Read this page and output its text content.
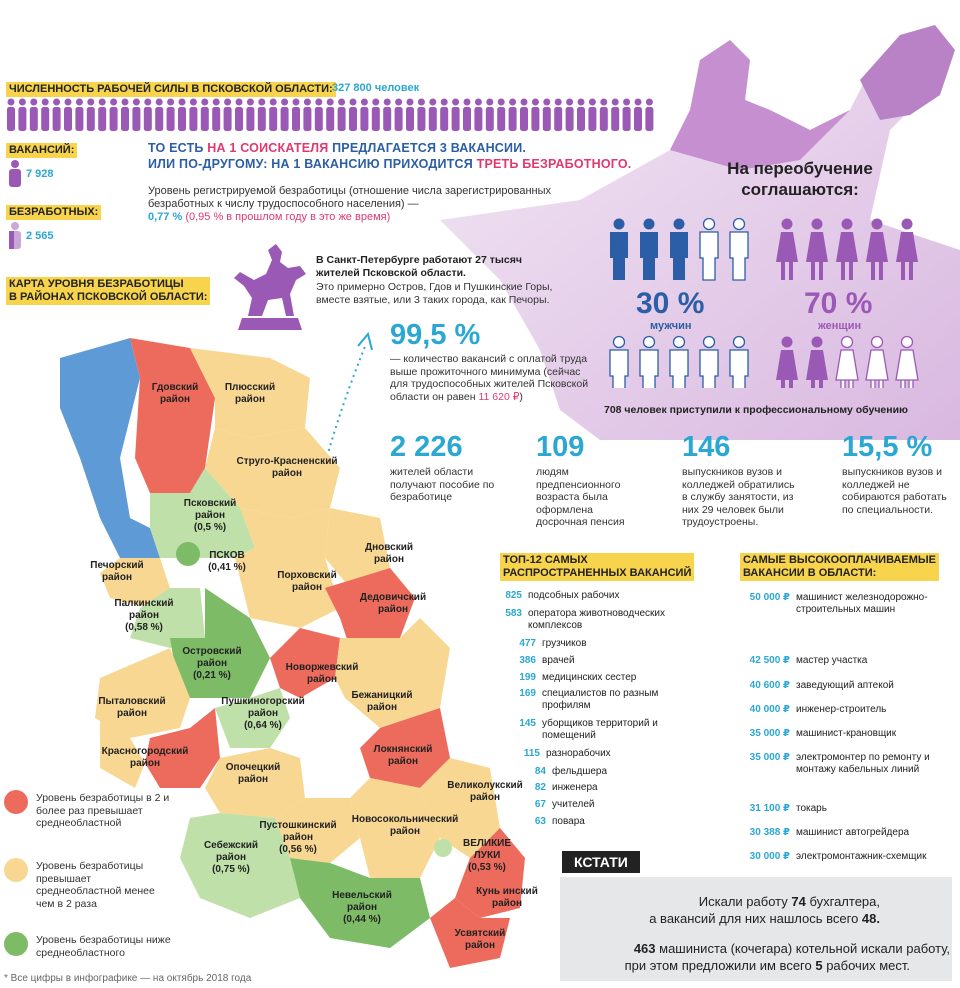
ЧИСЛЕННОСТЬ РАБОЧЕЙ СИЛЫ В ПСКОВСКОЙ ОБЛАСТИ: 327 800 человек
ВАКАНСИЙ:
7 928
БЕЗРАБОТНЫХ:
2 565
ТО ЕСТЬ НА 1 СОИСКАТЕЛЯ ПРЕДЛАГАЕТСЯ 3 ВАКАНСИИ.
ИЛИ ПО-ДРУГОМУ: НА 1 ВАКАНСИЮ ПРИХОДИТСЯ ТРЕТЬ БЕЗРАБОТНОГО.
Уровень регистрируемой безработицы (отношение числа зарегистрированных безработных к числу трудоспособного населения) —
0,77 % (0,95 % в прошлом году в это же время)
На переобучение
соглашаются:
30 %
мужчин
70 %
женщин
708 человек приступили к профессиональному обучению
В Санкт-Петербурге работают 27 тысяч
жителей Псковской области.
Это примерно Остров, Гдов и Пушкинские Горы, вместе взятые, или 3 таких города, как Печоры.
99,5 %
— количество вакансий с оплатой труда выше прожиточного минимума (сейчас для трудоспособных жителей Псковской области он равен 11 620 ₽)
2 226
жителей области получают пособие по безработице
109
людям предпенсионного возраста была оформлена досрочная пенсия
146
выпускников вузов и колледжей обратились в службу занятости, из них 29 человек были трудоустроены.
15,5 %
выпускников вузов и колледжей не собираются работать по специальности.
КАРТА УРОВНЯ БЕЗРАБОТИЦЫ
В РАЙОНАХ ПСКОВСКОЙ ОБЛАСТИ:
Гдовский район
Плюсский район
Струго-Красненский район
Псковский район
(0,5 %)
ПСКОВ
(0,41 %)
Печорский район
Палкинский район
(0,58 %)
Дновский район
Порховский район
Дедовичский район
Островский район
(0,21 %)
Новоржевский район
Пыталовский район
Пушкиногорский район
(0,64 %)
Бежаницкий район
Красногородский район
Локнянский район
Опочецкий район
Великолукский район
Пустошкинский район
(0,56 %)
Новосокольнический район
Себежский район
(0,75 %)
ВЕЛИКИЕ ЛУКИ
(0,53 %)
Кунь инский район
Невельский район
(0,44 %)
Усвятский район
Уровень безработицы в 2 и более раз превышает среднеобластной
Уровень безработицы превышает среднеобластной менее чем в 2 раза
Уровень безработицы ниже среднеобластного
* Все цифры в инфографике — на октябрь 2018 года
ТОП-12 САМЫХ
РАСПРОСТРАНЕННЫХ ВАКАНСИЙ
825 подсобных рабочих
583 оператора животноводческих комплексов
477 грузчиков
386 врачей
199 медицинских сестер
169 специалистов по разным профилям
145 уборщиков территорий и помещений
115 разнорабочих
84 фельдшера
82 инженера
67 учителей
63 повара
САМЫЕ ВЫСОКООПЛАЧИВАЕМЫЕ
ВАКАНСИИ В ОБЛАСТИ:
50 000 ₽ машинист железнодорожно-строительных машин
42 500 ₽ мастер участка
40 600 ₽ заведующий аптекой
40 000 ₽ инженер-строитель
35 000 ₽ машинист-крановщик
35 000 ₽ электромонтер по ремонту и монтажу кабельных линий
31 100 ₽ токарь
30 388 ₽ машинист автогрейдера
30 000 ₽ электромонтажник-схемщик
КСТАТИ
Искали работу 74 бухгалтера,
а вакансий для них нашлось всего 48.
463 машиниста (кочегара) котельной искали работу,
при этом предложили им всего 5 рабочих мест.
